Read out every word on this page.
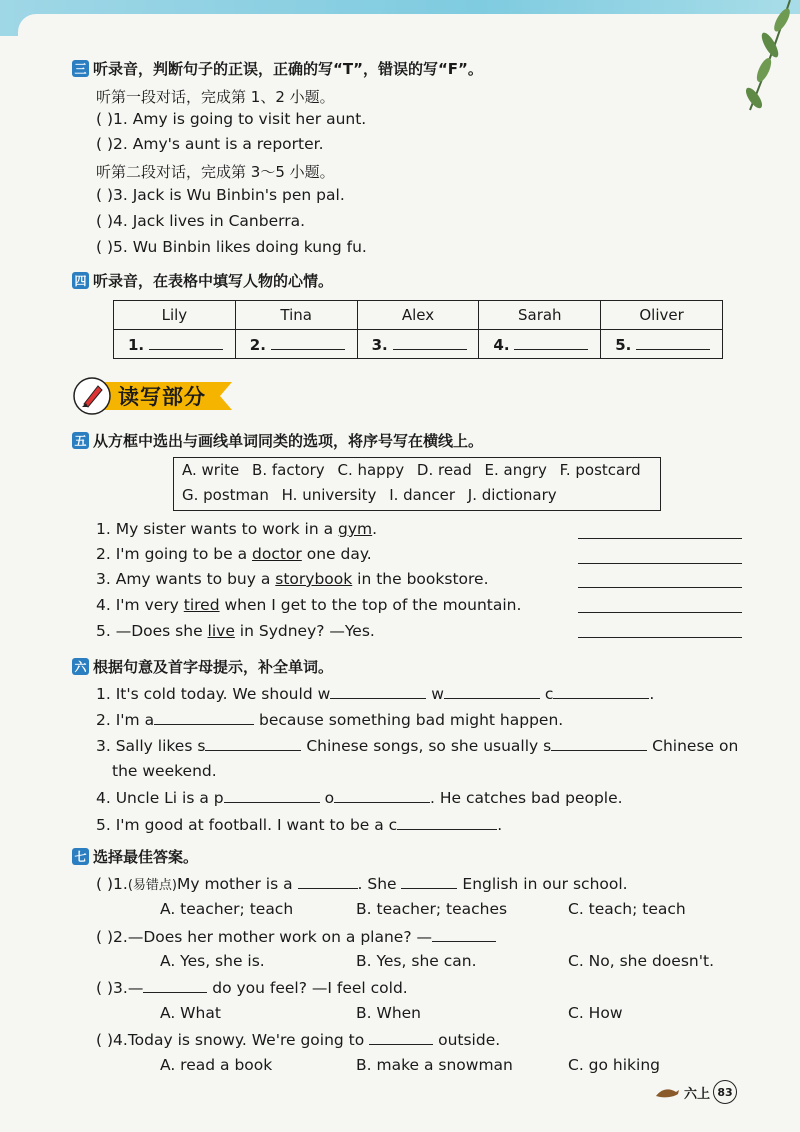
三 听录音，判断句子的正误，正确的写“T”，错误的写“F”。
听第一段对话，完成第 1、2 小题。
( )1. Amy is going to visit her aunt.
( )2. Amy's aunt is a reporter.
听第二段对话，完成第 3～5 小题。
( )3. Jack is Wu Binbin's pen pal.
( )4. Jack lives in Canberra.
( )5. Wu Binbin likes doing kung fu.
四 听录音，在表格中填写人物的心情。
Lily	Tina	Alex	Sarah	Oliver
1.	2.	3.	4.	5.
读写部分
五 从方框中选出与画线单词同类的选项，将序号写在横线上。
A. write B. factory C. happy D. read E. angry F. postcard
G. postman H. university I. dancer J. dictionary
1. My sister wants to work in a gym.
2. I'm going to be a doctor one day.
3. Amy wants to buy a storybook in the bookstore.
4. I'm very tired when I get to the top of the mountain.
5. —Does she live in Sydney? —Yes.
六 根据句意及首字母提示，补全单词。
1. It's cold today. We should w	w	c	.
2. I'm a	because something bad might happen.
3. Sally likes s	Chinese songs, so she usually s	Chinese on
the weekend.
4. Uncle Li is a p	o	. He catches bad people.
5. I'm good at football. I want to be a c	.
七 选择最佳答案。
( )1.(易错点)My mother is a	. She	English in our school.
A. teacher; teach	B. teacher; teaches	C. teach; teach
( )2.—Does her mother work on a plane? —
A. Yes, she is.	B. Yes, she can.	C. No, she doesn't.
( )3.—	do you feel? —I feel cold.
A. What	B. When	C. How
( )4.Today is snowy. We're going to	outside.
A. read a book	B. make a snowman	C. go hiking
六上 83
